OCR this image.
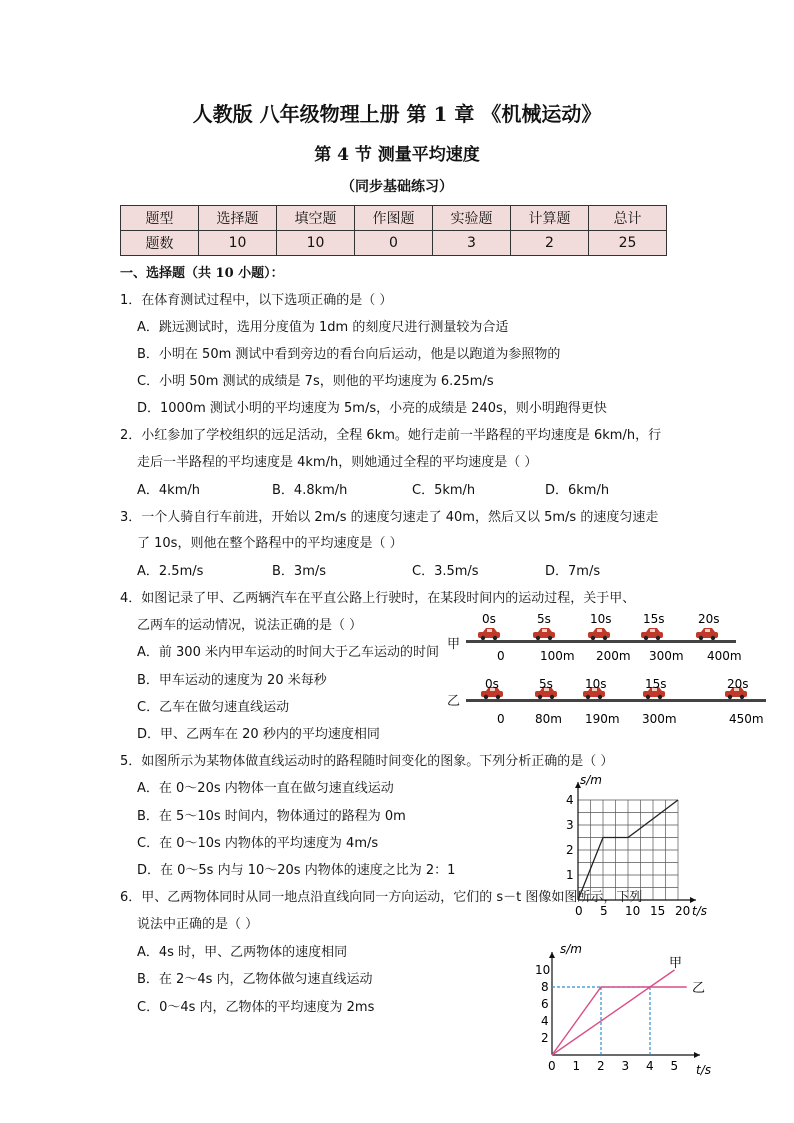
人教版 八年级物理上册 第 1 章 《机械运动》
第 4 节 测量平均速度
（同步基础练习）
题型	选择题	填空题	作图题	实验题	计算题	总计
题数	10	10	0	3	2	25
一、选择题（共 10 小题）：
1．在体育测试过程中，以下选项正确的是（ ）
A．跳远测试时，选用分度值为 1dm 的刻度尺进行测量较为合适
B．小明在 50m 测试中看到旁边的看台向后运动，他是以跑道为参照物的
C．小明 50m 测试的成绩是 7s，则他的平均速度为 6.25m/s
D．1000m 测试小明的平均速度为 5m/s，小亮的成绩是 240s，则小明跑得更快
2．小红参加了学校组织的远足活动，全程 6km。她行走前一半路程的平均速度是 6km/h，行
走后一半路程的平均速度是 4km/h，则她通过全程的平均速度是（ ）
A．4km/h	B．4.8km/h	C．5km/h	D．6km/h
3．一个人骑自行车前进，开始以 2m/s 的速度匀速走了 40m，然后又以 5m/s 的速度匀速走
了 10s，则他在整个路程中的平均速度是（ ）
A．2.5m/s	B．3m/s	C．3.5m/s	D．7m/s
4．如图记录了甲、乙两辆汽车在平直公路上行驶时，在某段时间内的运动过程，关于甲、
乙两车的运动情况，说法正确的是（ ）
A．前 300 米内甲车运动的时间大于乙车运动的时间
B．甲车运动的速度为 20 米每秒
C．乙车在做匀速直线运动
D．甲、乙两车在 20 秒内的平均速度相同
甲
0s	5s	10s	15s	20s
0	100m 200m 300m 400m
乙
0s	5s	10s	15s	20s
0	80m 190m 300m	450m
5．如图所示为某物体做直线运动时的路程随时间变化的图象。下列分析正确的是（ ）
A．在 0～20s 内物体一直在做匀速直线运动
B．在 5～10s 时间内，物体通过的路程为 0m
C．在 0～10s 内物体的平均速度为 4m/s
D．在 0～5s 内与 10～20s 内物体的速度之比为 2：1
6．甲、乙两物体同时从同一地点沿直线向同一方向运动，它们的 s－t 图像如图所示，下列
说法中正确的是（ ）
A．4s 时，甲、乙两物体的速度相同
B．在 2～4s 内，乙物体做匀速直线运动
C．0～4s 内，乙物体的平均速度为 2ms
0 5 10 15 20
1
2
3
4
s/m
t/s
0 1 2 3 4 5
2
4
6
8
10
s/m
t/s
甲
乙
